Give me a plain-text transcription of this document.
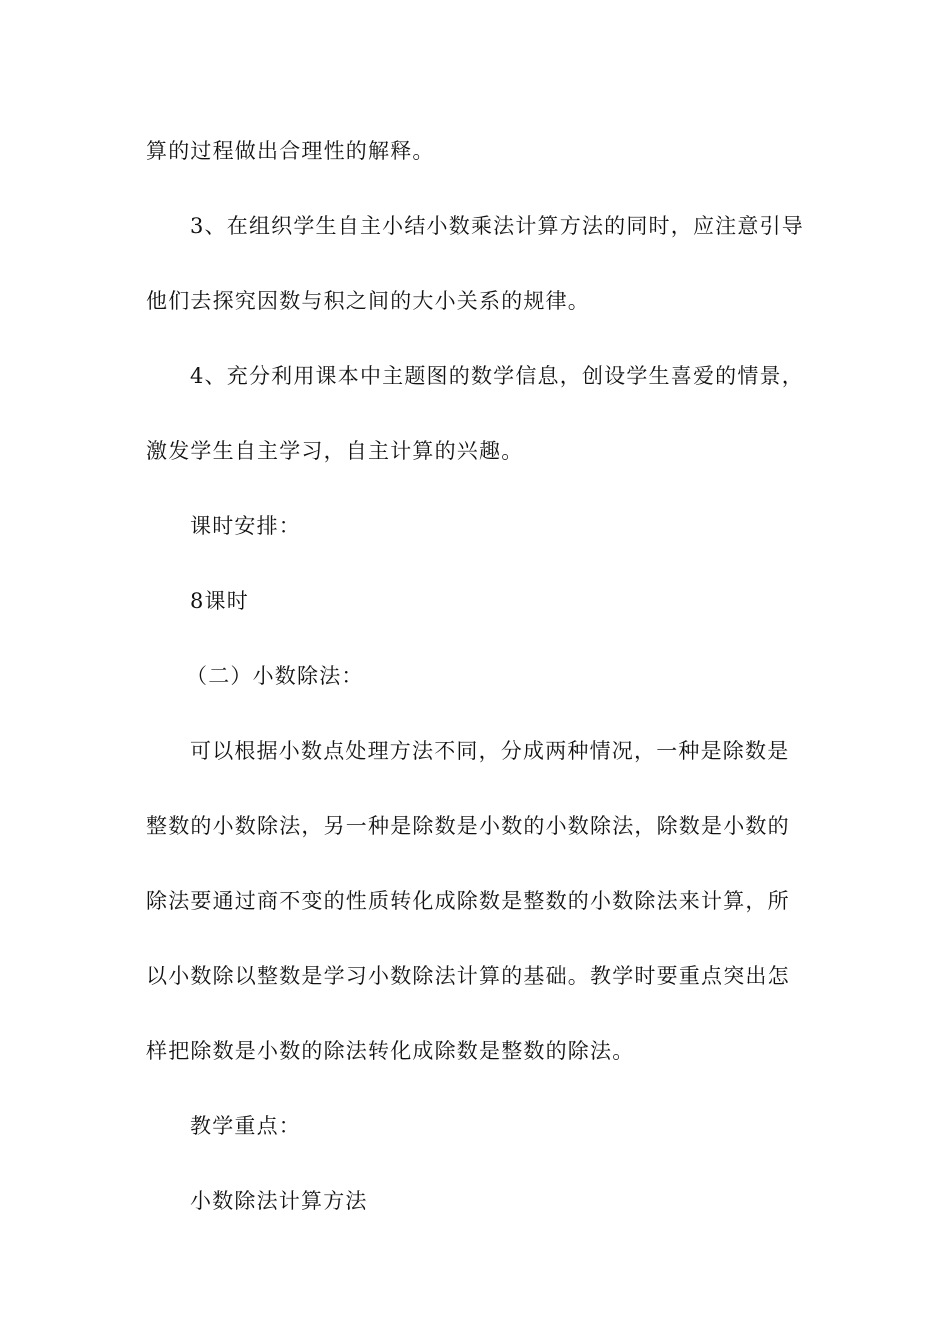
算的过程做出合理性的解释。
3、在组织学生自主小结小数乘法计算方法的同时，应注意引导
他们去探究因数与积之间的大小关系的规律。
4、充分利用课本中主题图的数学信息，创设学生喜爱的情景，
激发学生自主学习，自主计算的兴趣。
课时安排：
8课时
（二）小数除法：
可以根据小数点处理方法不同，分成两种情况，一种是除数是
整数的小数除法，另一种是除数是小数的小数除法，除数是小数的
除法要通过商不变的性质转化成除数是整数的小数除法来计算，所
以小数除以整数是学习小数除法计算的基础。教学时要重点突出怎
样把除数是小数的除法转化成除数是整数的除法。
教学重点：
小数除法计算方法
